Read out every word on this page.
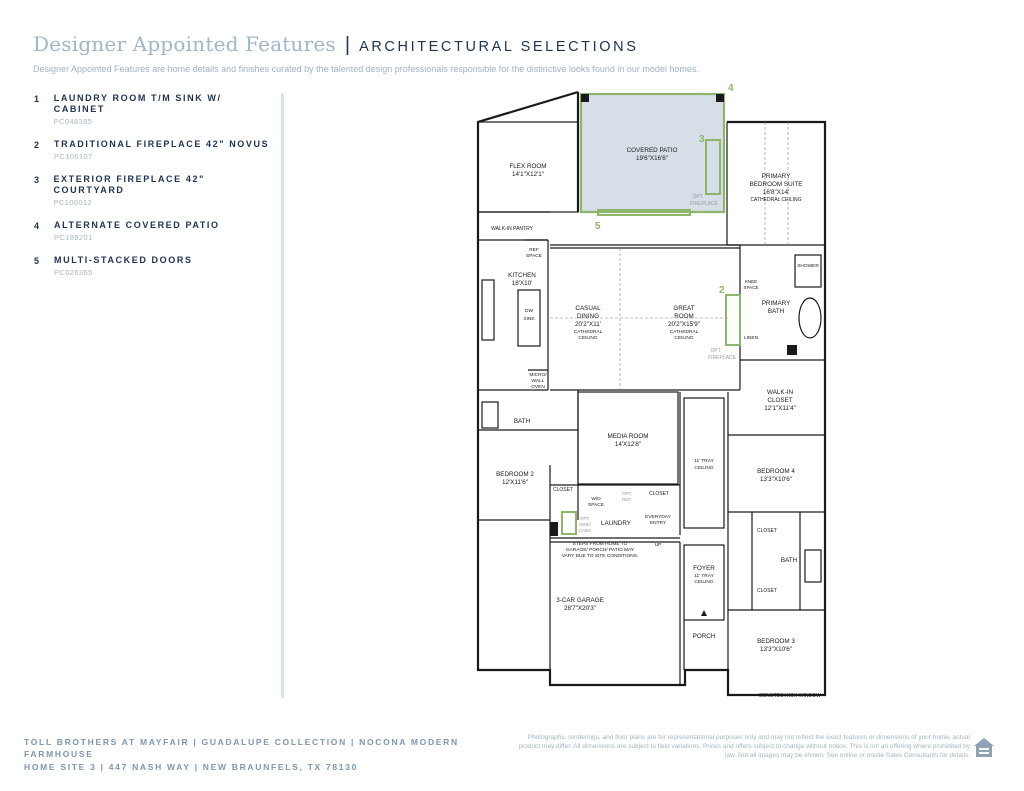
Designer Appointed Features | ARCHITECTURAL SELECTIONS
Designer Appointed Features are home details and finishes curated by the talented design professionals responsible for the distinctive looks found in our model homes.
1	LAUNDRY ROOM T/M SINK W/ CABINET
PC048385
2	TRADITIONAL FIREPLACE 42" NOVUS
PC106107
3	EXTERIOR FIREPLACE 42" COURTYARD
PC106012
4	ALTERNATE COVERED PATIO
PC189201
5	MULTI-STACKED DOORS
PC026365
4
3
5
2
COVERED PATIO
19'6"X16'6"
FLEX ROOM
14'1"X12'1"	PRIMARY
BEDROOM SUITE
16'8"X14'
CATHEDRAL CEILING
OPT.
FIREPLACE
WALK-IN PANTRY
REF
SPACE
KITCHEN
18'X10'
DW
SINK
MICRO/
WALL
OVEN
CASUAL
DINING
20'2"X11'
CATHEDRAL
CEILING
GREAT
ROOM
20'2"X15'9"
CATHEDRAL
CEILING
OPT.
FIREPLACE
PRIMARY
BATH
SHOWER
KNEE
SPACE
LINEN
WALK-IN
CLOSET
12'1"X11'4"
BATH
MEDIA ROOM
14'X12'8"
11' TRAY
CEILING
BEDROOM 2
12'X11'6"
BEDROOM 4
13'3"X10'6"
CLOSET
W/D
SPACE
OPT.
REF.
CLOSET
LAUNDRY
OPT.
SINK/
CABS
EVERYDAY
ENTRY
UP
CLOSET
BATH
CLOSET
STEPS FROM HOME TO
GARAGE/ PORCH/ PATIO MAY
VARY DUE TO SITE CONDITIONS.
3-CAR GARAGE
28'7"X20'3"
FOYER
11' TRAY
CEILING
PORCH
BEDROOM 3
13'3"X10'6"
DENOTES HIGH WINDOW
TOLL BROTHERS AT MAYFAIR | GUADALUPE COLLECTION | NOCONA MODERN FARMHOUSE
HOME SITE 3 | 447 NASH WAY | NEW BRAUNFELS, TX 78130
Photographs, renderings, and floor plans are for representational purposes only and may not reflect the exact features or dimensions of your home, actual product may differ. All dimensions are subject to field variations. Prices and offers subject to change without notice. This is not an offering where prohibited by law. Not all images may be shown. See online or onsite Sales Consultants for details.
